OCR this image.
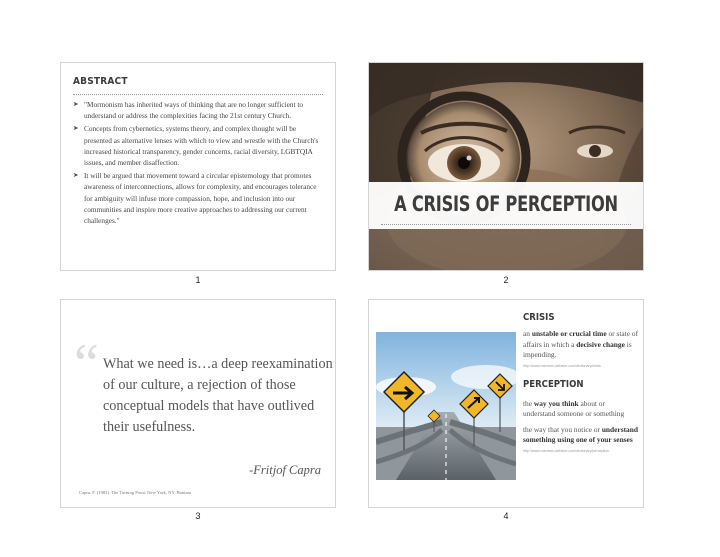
ABSTRACT
➤ "Mormonism has inherited ways of thinking that are no longer sufficient to understand or address the complexities facing the 21st century Church.
➤ Concepts from cybernetics, systems theory, and complex thought will be presented as alternative lenses with which to view and wrestle with the Church's increased historical transparency, gender concerns, racial diversity, LGBTQIA issues, and member disaffection.
➤ It will be argued that movement toward a circular epistemology that promotes awareness of interconnections, allows for complexity, and encourages tolerance for ambiguity will infuse more compassion, hope, and inclusion into our communities and inspire more creative approaches to addressing our current challenges."
1
A CRISIS OF PERCEPTION
2
“ What we need is…a deep reexamination of our culture, a rejection of those conceptual models that have outlived their usefulness.
-Fritjof Capra
Capra, F. (1982). The Turning Point. New York, NY: Bantam.
3
CRISIS
an unstable or crucial time or state of affairs in which a decisive change is impending.
http://www.merriam-webster.com/dictionary/crisis
PERCEPTION
the way you think about or understand someone or something
the way that you notice or understand something using one of your senses
http://www.merriam-webster.com/dictionary/perception
4
